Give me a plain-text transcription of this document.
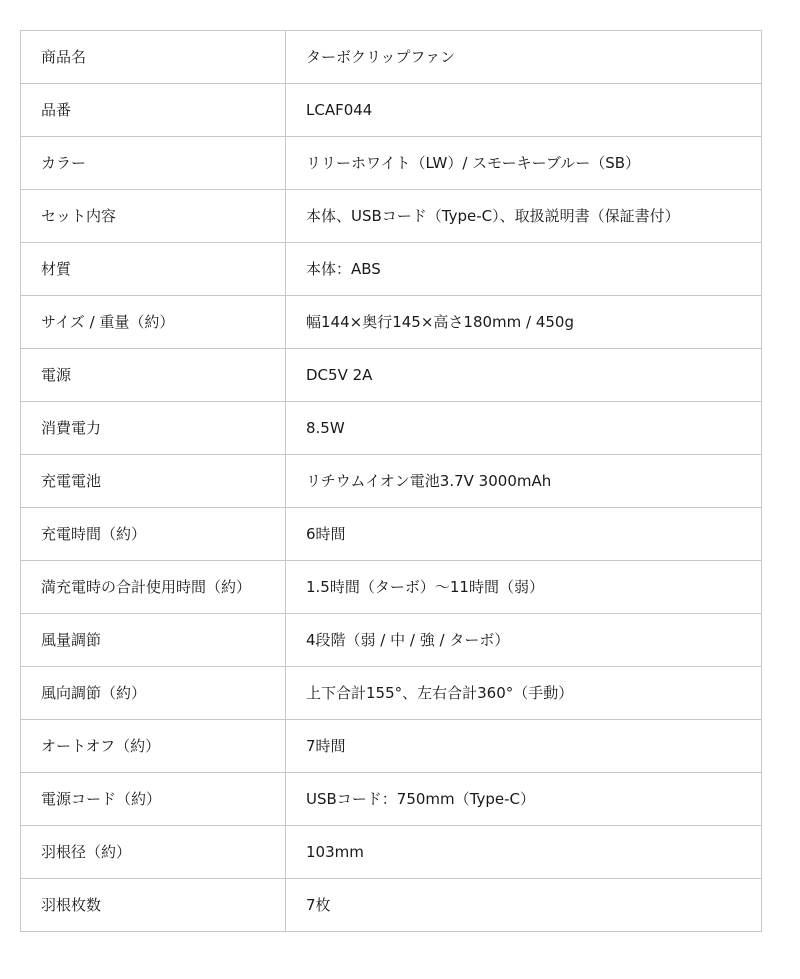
商品名	ターボクリップファン
品番	LCAF044
カラー	リリーホワイト（LW）/ スモーキーブルー（SB）
セット内容	本体、USBコード（Type-C）、取扱説明書（保証書付）
材質	本体：ABS
サイズ / 重量（約）	幅144×奥行145×高さ180mm / 450g
電源	DC5V 2A
消費電力	8.5W
充電電池	リチウムイオン電池3.7V 3000mAh
充電時間（約）	6時間
満充電時の合計使用時間（約）	1.5時間（ターボ）〜11時間（弱）
風量調節	4段階（弱 / 中 / 強 / ターボ）
風向調節（約）	上下合計155°、左右合計360°（手動）
オートオフ（約）	7時間
電源コード（約）	USBコード：750mm（Type-C）
羽根径（約）	103mm
羽根枚数	7枚
